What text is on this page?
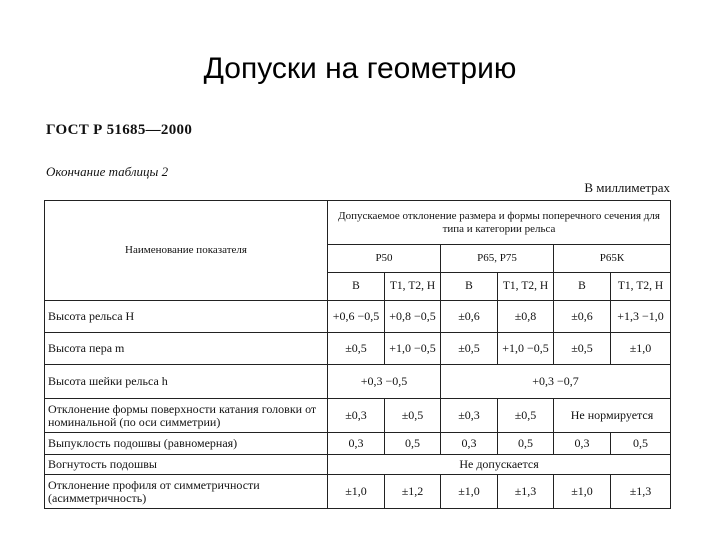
Допуски на геометрию
ГОСТ Р 51685—2000
Окончание таблицы 2
В миллиметрах
Наименование показателя	Допускаемое отклонение размера и формы поперечного сечения для типа и категории рельса					
	Р50		Р65, Р75		Р65К	
	В	Т1, Т2, Н	В	Т1, Т2, Н	В	Т1, Т2, Н
Высота рельса H	+0,6 −0,5	+0,8 −0,5	±0,6	±0,8	±0,6	+1,3 −1,0
Высота пера m	±0,5	+1,0 −0,5	±0,5	+1,0 −0,5	±0,5	±1,0
Высота шейки рельса h	+0,3 −0,5		+0,3 −0,7			
Отклонение формы поверхности катания головки от номинальной (по оси симметрии)	±0,3	±0,5	±0,3	±0,5	Не нормируется	
Выпуклость подошвы (равномерная)	0,3	0,5	0,3	0,5	0,3	0,5
Вогнутость подошвы	Не допускается					
Отклонение профиля от симметричности (асимметричность)	±1,0	±1,2	±1,0	±1,3	±1,0	±1,3
